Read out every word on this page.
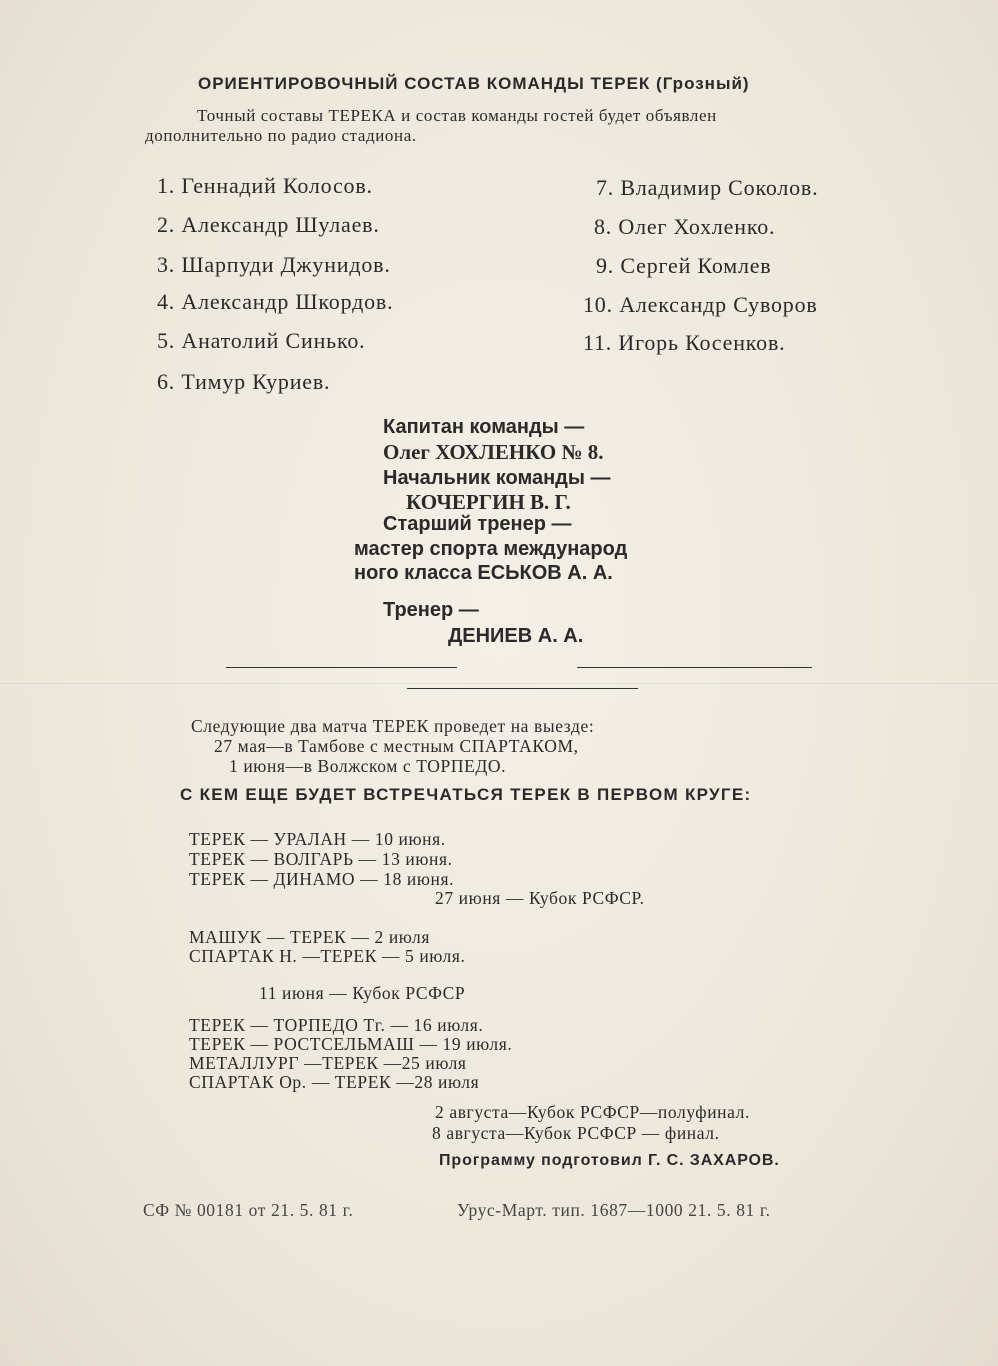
ОРИЕНТИРОВОЧНЫЙ СОСТАВ КОМАНДЫ ТЕРЕК (Грозный)
Точный составы ТЕРЕКА и состав команды гостей будет объявлен
дополнительно по радио стадиона.
1. Геннадий Колосов.
2. Александр Шулаев.
3. Шарпуди Джунидов.
4. Александр Шкордов.
5. Анатолий Синько.
6. Тимур Куриев.
7. Владимир Соколов.
8. Олег Хохленко.
9. Сергей Комлев
10. Александр Суворов
11. Игорь Косенков.
Капитан команды —
Олег ХОХЛЕНКО № 8.
Начальник команды —
КОЧЕРГИН В. Г.
Старший тренер —
мастер спорта международ
ного класса ЕСЬКОВ А. А.
Тренер —
ДЕНИЕВ А. А.
Следующие два матча ТЕРЕК проведет на выезде:
27 мая—в Тамбове с местным СПАРТАКОМ,
1 июня—в Волжском с ТОРПЕДО.
С КЕМ ЕЩЕ БУДЕТ ВСТРЕЧАТЬСЯ ТЕРЕК В ПЕРВОМ КРУГЕ:
ТЕРЕК — УРАЛАН — 10 июня.
ТЕРЕК — ВОЛГАРЬ — 13 июня.
ТЕРЕК — ДИНАМО — 18 июня.
27 июня — Кубок РСФСР.
МАШУК — ТЕРЕК — 2 июля
СПАРТАК Н. —ТЕРЕК — 5 июля.
11 июня — Кубок РСФСР
ТЕРЕК — ТОРПЕДО Тг. — 16 июля.
ТЕРЕК — РОСТСЕЛЬМАШ — 19 июля.
МЕТАЛЛУРГ —ТЕРЕК —25 июля
СПАРТАК Ор. — ТЕРЕК —28 июля
2 августа—Кубок РСФСР—полуфинал.
8 августа—Кубок РСФСР — финал.
Программу подготовил Г. С. ЗАХАРОВ.
СФ № 00181 от 21. 5. 81 г.	Урус-Март. тип. 1687—1000 21. 5. 81 г.
